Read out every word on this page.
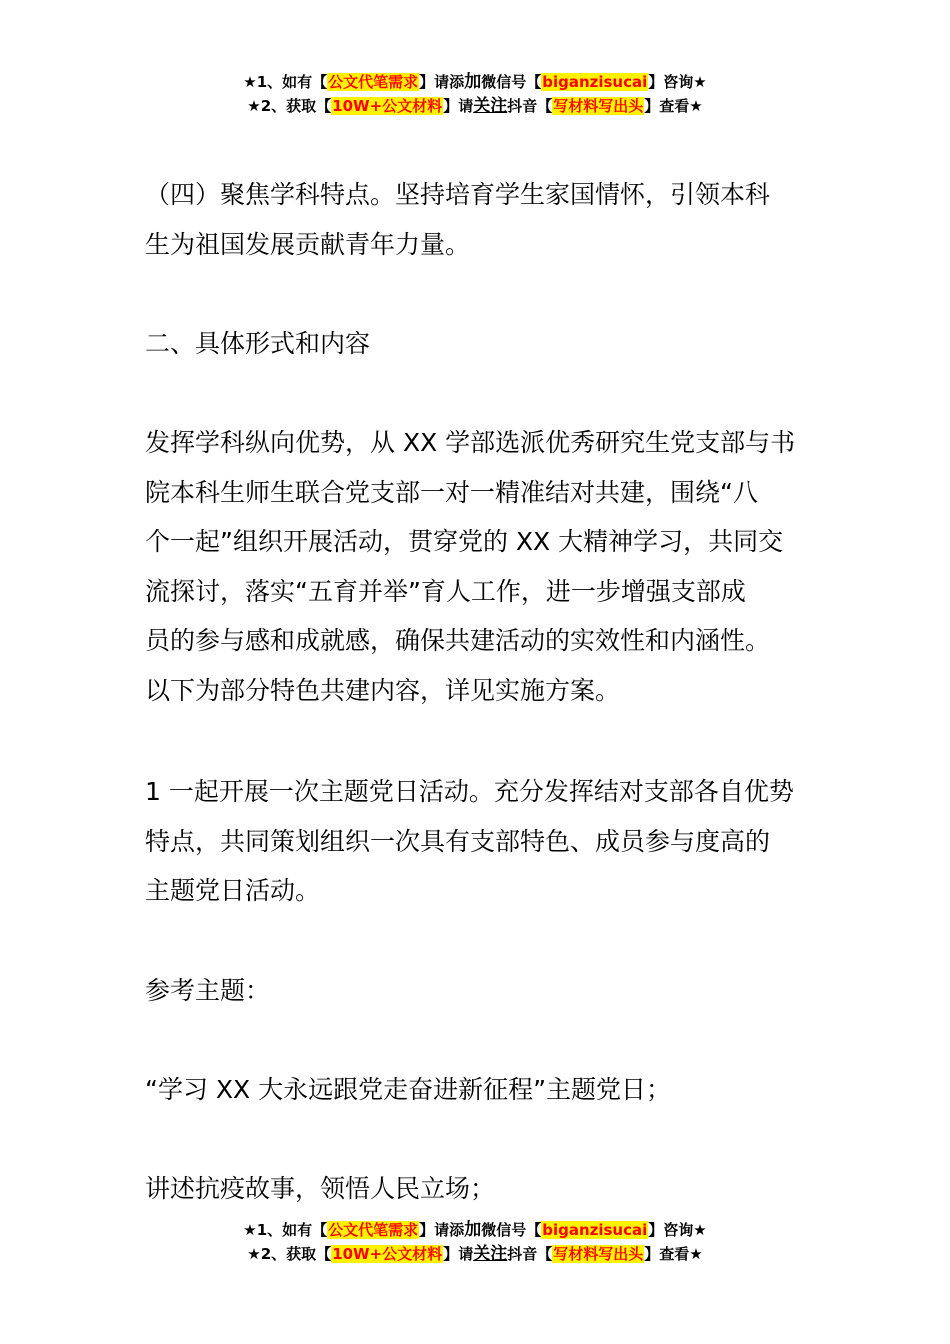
★1、如有【公文代笔需求】请添加微信号【biganzisucai】咨询★
★2、获取【10W+公文材料】请关注抖音【写材料写出头】查看★

（四）聚焦学科特点。坚持培育学生家国情怀，引领本科
生为祖国发展贡献青年力量。

二、具体形式和内容

发挥学科纵向优势，从 XX 学部选派优秀研究生党支部与书
院本科生师生联合党支部一对一精准结对共建，围绕“八
个一起”组织开展活动，贯穿党的 XX 大精神学习，共同交
流探讨，落实“五育并举”育人工作，进一步增强支部成
员的参与感和成就感，确保共建活动的实效性和内涵性。
以下为部分特色共建内容，详见实施方案。

1 一起开展一次主题党日活动。充分发挥结对支部各自优势
特点，共同策划组织一次具有支部特色、成员参与度高的
主题党日活动。

参考主题：

“学习 XX 大永远跟党走奋进新征程”主题党日；

讲述抗疫故事，领悟人民立场；

★1、如有【公文代笔需求】请添加微信号【biganzisucai】咨询★
★2、获取【10W+公文材料】请关注抖音【写材料写出头】查看★
